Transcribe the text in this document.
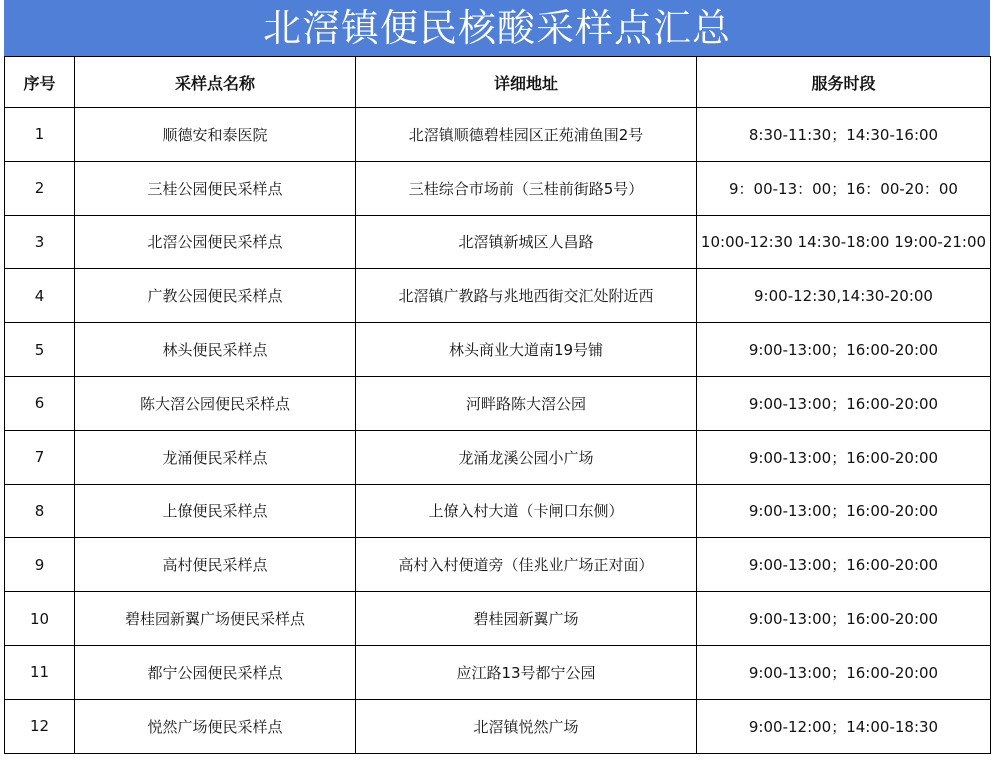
北滘镇便民核酸采样点汇总
序号	采样点名称	详细地址	服务时段
1	顺德安和泰医院	北滘镇顺德碧桂园区正苑浦鱼围2号	8:30-11:30；14:30-16:00
2	三桂公园便民采样点	三桂综合市场前（三桂前街路5号）	9：00-13：00；16：00-20：00
3	北滘公园便民采样点	北滘镇新城区人昌路	10:00-12:30 14:30-18:00 19:00-21:00
4	广教公园便民采样点	北滘镇广教路与兆地西街交汇处附近西	9:00-12:30,14:30-20:00
5	林头便民采样点	林头商业大道南19号铺	9:00-13:00；16:00-20:00
6	陈大滘公园便民采样点	河畔路陈大滘公园	9:00-13:00；16:00-20:00
7	龙涌便民采样点	龙涌龙溪公园小广场	9:00-13:00；16:00-20:00
8	上僚便民采样点	上僚入村大道（卡闸口东侧）	9:00-13:00；16:00-20:00
9	高村便民采样点	高村入村便道旁（佳兆业广场正对面）	9:00-13:00；16:00-20:00
10	碧桂园新翼广场便民采样点	碧桂园新翼广场	9:00-13:00；16:00-20:00
11	都宁公园便民采样点	应江路13号都宁公园	9:00-13:00；16:00-20:00
12	悦然广场便民采样点	北滘镇悦然广场	9:00-12:00；14:00-18:30
